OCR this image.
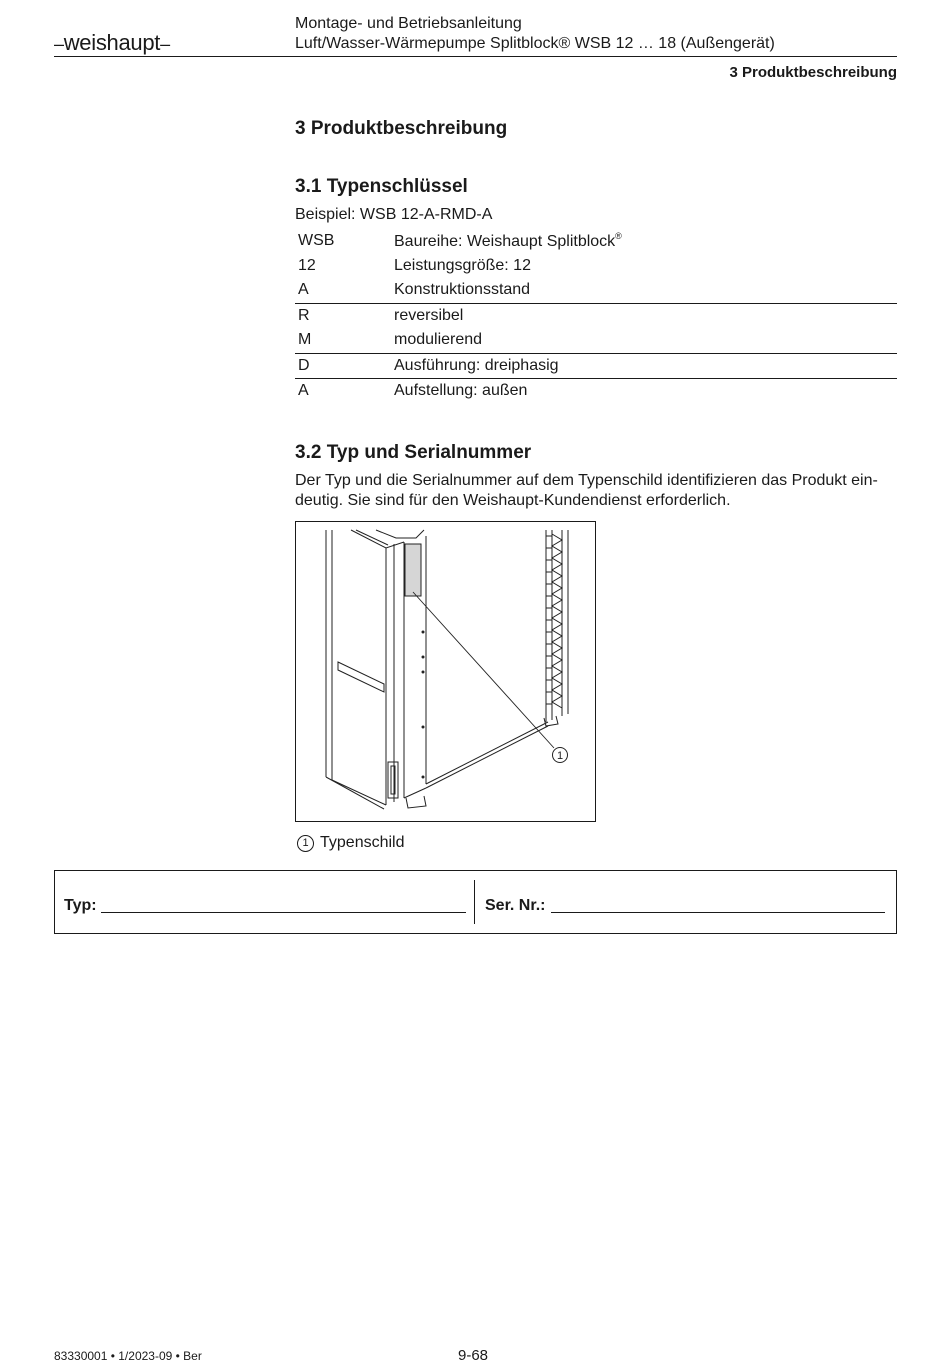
–weishaupt–
Montage- und Betriebsanleitung
Luft/Wasser-Wärmepumpe Splitblock® WSB 12 … 18 (Außengerät)
3 Produktbeschreibung
3 Produktbeschreibung
3.1 Typenschlüssel
Beispiel: WSB 12-A-RMD-A
WSB	Baureihe: Weishaupt Splitblock®
12	Leistungsgröße: 12
A	Konstruktionsstand
R	reversibel
M	modulierend
D	Ausführung: dreiphasig
A	Aufstellung: außen
3.2 Typ und Serialnummer
Der Typ und die Serialnummer auf dem Typenschild identifizieren das Produkt ein-
deutig. Sie sind für den Weishaupt-Kundendienst erforderlich.
1
1 Typenschild
Typ:	Ser. Nr.:
83330001 • 1/2023-09 • Ber	9-68
